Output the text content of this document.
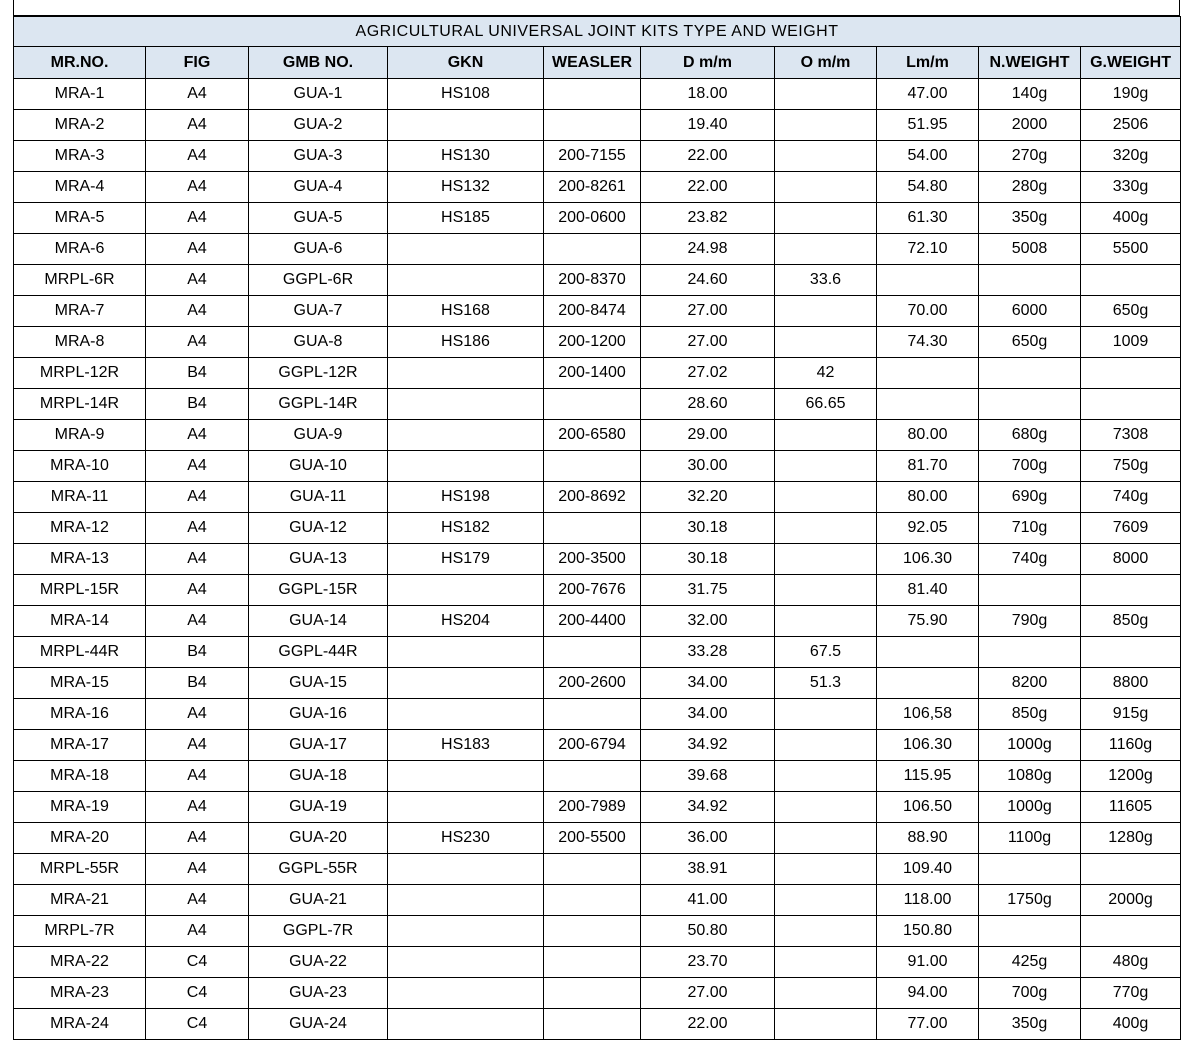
AGRICULTURAL UNIVERSAL JOINT KITS TYPE AND WEIGHT									
MR.NO.	FIG	GMB NO.	GKN	WEASLER	D m/m	O m/m	Lm/m	N.WEIGHT	G.WEIGHT
MRA-1	A4	GUA-1	HS108		18.00		47.00	140g	190g
MRA-2	A4	GUA-2			19.40		51.95	2000	2506
MRA-3	A4	GUA-3	HS130	200-7155	22.00		54.00	270g	320g
MRA-4	A4	GUA-4	HS132	200-8261	22.00		54.80	280g	330g
MRA-5	A4	GUA-5	HS185	200-0600	23.82		61.30	350g	400g
MRA-6	A4	GUA-6			24.98		72.10	5008	5500
MRPL-6R	A4	GGPL-6R		200-8370	24.60	33.6			
MRA-7	A4	GUA-7	HS168	200-8474	27.00		70.00	6000	650g
MRA-8	A4	GUA-8	HS186	200-1200	27.00		74.30	650g	1009
MRPL-12R	B4	GGPL-12R		200-1400	27.02	42			
MRPL-14R	B4	GGPL-14R			28.60	66.65			
MRA-9	A4	GUA-9		200-6580	29.00		80.00	680g	7308
MRA-10	A4	GUA-10			30.00		81.70	700g	750g
MRA-11	A4	GUA-11	HS198	200-8692	32.20		80.00	690g	740g
MRA-12	A4	GUA-12	HS182		30.18		92.05	710g	7609
MRA-13	A4	GUA-13	HS179	200-3500	30.18		106.30	740g	8000
MRPL-15R	A4	GGPL-15R		200-7676	31.75		81.40		
MRA-14	A4	GUA-14	HS204	200-4400	32.00		75.90	790g	850g
MRPL-44R	B4	GGPL-44R			33.28	67.5			
MRA-15	B4	GUA-15		200-2600	34.00	51.3		8200	8800
MRA-16	A4	GUA-16			34.00		106,58	850g	915g
MRA-17	A4	GUA-17	HS183	200-6794	34.92		106.30	1000g	1160g
MRA-18	A4	GUA-18			39.68		115.95	1080g	1200g
MRA-19	A4	GUA-19		200-7989	34.92		106.50	1000g	11605
MRA-20	A4	GUA-20	HS230	200-5500	36.00		88.90	1100g	1280g
MRPL-55R	A4	GGPL-55R			38.91		109.40		
MRA-21	A4	GUA-21			41.00		118.00	1750g	2000g
MRPL-7R	A4	GGPL-7R			50.80		150.80		
MRA-22	C4	GUA-22			23.70		91.00	425g	480g
MRA-23	C4	GUA-23			27.00		94.00	700g	770g
MRA-24	C4	GUA-24			22.00		77.00	350g	400g
